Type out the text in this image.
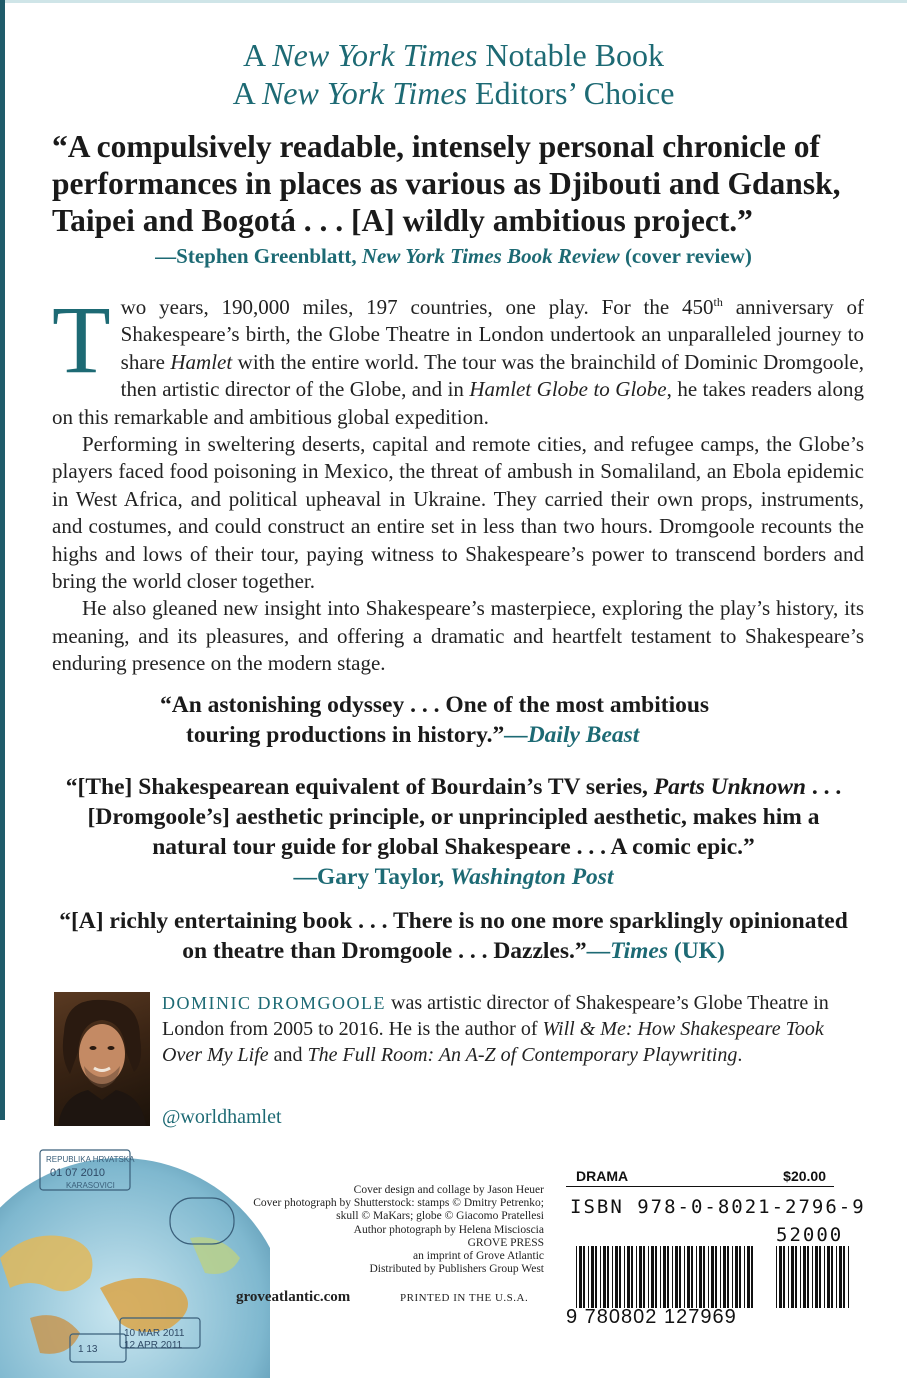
A New York Times Notable Book
A New York Times Editors’ Choice
“A compulsively readable, intensely personal chronicle of performances in places as various as Djibouti and Gdansk, Taipei and Bogotá . . . [A] wildly ambitious project.”
—Stephen Greenblatt, New York Times Book Review (cover review)

Two years, 190,000 miles, 197 countries, one play. For the 450th anniversary of Shakespeare’s birth, the Globe Theatre in London undertook an unparalleled journey to share Hamlet with the entire world. The tour was the brainchild of Dominic Dromgoole, then artistic director of the Globe, and in Hamlet Globe to Globe, he takes readers along on this remarkable and ambitious global expedition.

Performing in sweltering deserts, capital and remote cities, and refugee camps, the Globe’s players faced food poisoning in Mexico, the threat of ambush in Somaliland, an Ebola epidemic in West Africa, and political upheaval in Ukraine. They carried their own props, instruments, and costumes, and could construct an entire set in less than two hours. Dromgoole recounts the highs and lows of their tour, paying witness to Shakespeare’s power to transcend borders and bring the world closer together.

He also gleaned new insight into Shakespeare’s masterpiece, exploring the play’s history, its meaning, and its pleasures, and offering a dramatic and heartfelt testament to Shakespeare’s enduring presence on the modern stage.

“An astonishing odyssey . . . One of the most ambitious
touring productions in history.”—Daily Beast
“[The] Shakespearean equivalent of Bourdain’s TV series, Parts Unknown . . .
[Dromgoole’s] aesthetic principle, or unprincipled aesthetic, makes him a
natural tour guide for global Shakespeare . . . A comic epic.”
—Gary Taylor, Washington Post
“[A] richly entertaining book . . . There is no one more sparklingly opinionated
on theatre than Dromgoole . . . Dazzles.”—Times (UK)
DOMINIC DROMGOOLE was artistic director of Shakespeare’s Globe Theatre in London from 2005 to 2016. He is the author of Will & Me: How Shakespeare Took Over My Life and The Full Room: An A-Z of Contemporary Playwriting.
@worldhamlet
REPUBLIKA HRVATSKA
01 07 2010
KARASOVICI
10 MAR 2011
12 APR 2011
1 13
Cover design and collage by Jason Heuer
Cover photograph by Shutterstock: stamps © Dmitry Petrenko;
skull © MaKars; globe © Giacomo Pratellesi
Author photograph by Helena Miscioscia
GROVE PRESS
an imprint of Grove Atlantic
Distributed by Publishers Group West
groveatlantic.com	PRINTED IN THE U.S.A.
DRAMA	$20.00
ISBN 978-0-8021-2796-9
52000
9 780802 127969
